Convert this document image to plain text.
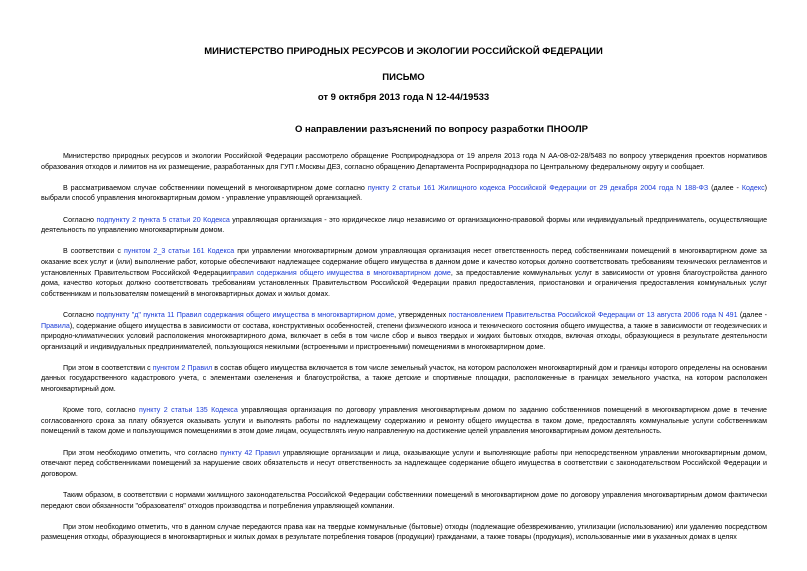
МИНИСТЕРСТВО ПРИРОДНЫХ РЕСУРСОВ И ЭКОЛОГИИ РОССИЙСКОЙ ФЕДЕРАЦИИ
ПИСЬМО
от 9 октября 2013 года N 12-44/19533
О направлении разъяснений по вопросу разработки ПНООЛР

Министерство природных ресурсов и экологии Российской Федерации рассмотрело обращение Росприроднадзора от 19 апреля 2013 года N АА-08-02-28/5483 по вопросу утверждения проектов нормативов образования отходов и лимитов на их размещение, разработанных для ГУП г.Москвы ДЕЗ, согласно обращению Департамента Росприроднадзора по Центральному федеральному округу и сообщает.

В рассматриваемом случае собственники помещений в многоквартирном доме согласно пункту 2 статьи 161 Жилищного кодекса Российской Федерации от 29 декабря 2004 года N 188-ФЗ (далее - Кодекс) выбрали способ управления многоквартирным домом - управление управляющей организацией.

Согласно подпункту 2 пункта 5 статьи 20 Кодекса управляющая организация - это юридическое лицо независимо от организационно-правовой формы или индивидуальный предприниматель, осуществляющие деятельность по управлению многоквартирным домом.

В соответствии с пунктом 2_3 статьи 161 Кодекса при управлении многоквартирным домом управляющая организация несет ответственность перед собственниками помещений в многоквартирном доме за оказание всех услуг и (или) выполнение работ, которые обеспечивают надлежащее содержание общего имущества в данном доме и качество которых должно соответствовать требованиям технических регламентов и установленных Правительством Российской Федерацииправил содержания общего имущества в многоквартирном доме, за предоставление коммунальных услуг в зависимости от уровня благоустройства данного дома, качество которых должно соответствовать требованиям установленных Правительством Российской Федерации правил предоставления, приостановки и ограничения предоставления коммунальных услуг собственникам и пользователям помещений в многоквартирных домах и жилых домах.

Согласно подпункту "д" пункта 11 Правил содержания общего имущества в многоквартирном доме, утвержденных постановлением Правительства Российской Федерации от 13 августа 2006 года N 491 (далее - Правила), содержание общего имущества в зависимости от состава, конструктивных особенностей, степени физического износа и технического состояния общего имущества, а также в зависимости от геодезических и природно-климатических условий расположения многоквартирного дома, включает в себя в том числе сбор и вывоз твердых и жидких бытовых отходов, включая отходы, образующиеся в результате деятельности организаций и индивидуальных предпринимателей, пользующихся нежилыми (встроенными и пристроенными) помещениями в многоквартирном доме.

При этом в соответствии с пунктом 2 Правил в состав общего имущества включается в том числе земельный участок, на котором расположен многоквартирный дом и границы которого определены на основании данных государственного кадастрового учета, с элементами озеленения и благоустройства, а также детские и спортивные площадки, расположенные в границах земельного участка, на котором расположен многоквартирный дом.

Кроме того, согласно пункту 2 статьи 135 Кодекса управляющая организация по договору управления многоквартирным домом по заданию собственников помещений в многоквартирном доме в течение согласованного срока за плату обязуется оказывать услуги и выполнять работы по надлежащему содержанию и ремонту общего имущества в таком доме, предоставлять коммунальные услуги собственникам помещений в таком доме и пользующимся помещениями в этом доме лицам, осуществлять иную направленную на достижение целей управления многоквартирным домом деятельность.

При этом необходимо отметить, что согласно пункту 42 Правил управляющие организации и лица, оказывающие услуги и выполняющие работы при непосредственном управлении многоквартирным домом, отвечают перед собственниками помещений за нарушение своих обязательств и несут ответственность за надлежащее содержание общего имущества в соответствии с законодательством Российской Федерации и договором.

Таким образом, в соответствии с нормами жилищного законодательства Российской Федерации собственники помещений в многоквартирном доме по договору управления многоквартирным домом фактически передают свои обязанности "образователя" отходов производства и потребления управляющей компании.

При этом необходимо отметить, что в данном случае передаются права как на твердые коммунальные (бытовые) отходы (подлежащие обезвреживанию, утилизации (использованию) или удалению посредством размещения отходы, образующиеся в многоквартирных и жилых домах в результате потребления товаров (продукции) гражданами, а также товары (продукция), использованные ими в указанных домах в целях
